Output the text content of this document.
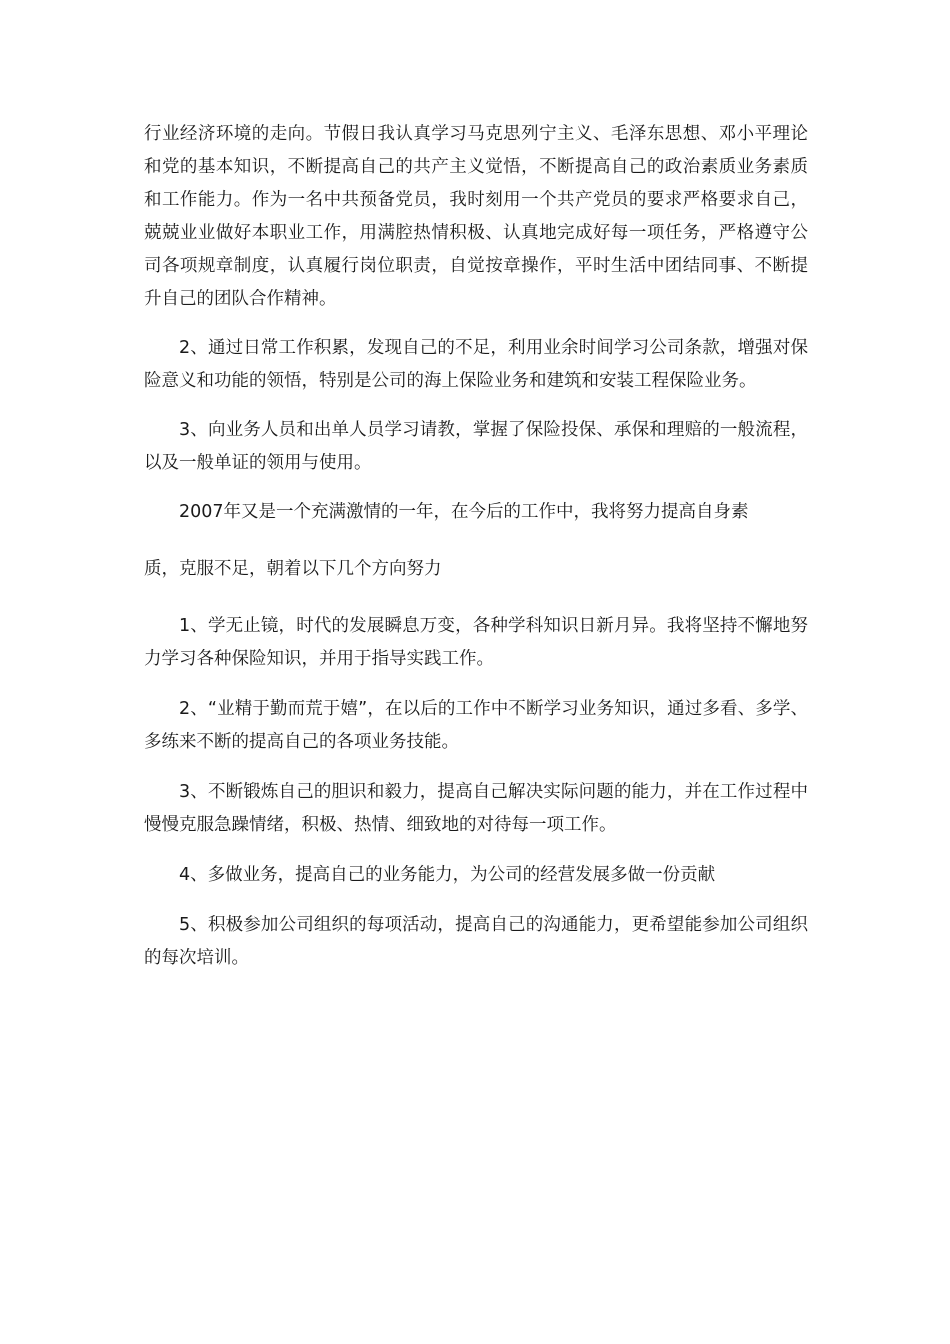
行业经济环境的走向。节假日我认真学习马克思列宁主义、毛泽东思想、邓小平理论和党的基本知识，不断提高自己的共产主义觉悟，不断提高自己的政治素质业务素质和工作能力。作为一名中共预备党员，我时刻用一个共产党员的要求严格要求自己，兢兢业业做好本职业工作，用满腔热情积极、认真地完成好每一项任务，严格遵守公司各项规章制度，认真履行岗位职责，自觉按章操作，平时生活中团结同事、不断提升自己的团队合作精神。

2、通过日常工作积累，发现自己的不足，利用业余时间学习公司条款，增强对保险意义和功能的领悟，特别是公司的海上保险业务和建筑和安装工程保险业务。

3、向业务人员和出单人员学习请教，掌握了保险投保、承保和理赔的一般流程，以及一般单证的领用与使用。

2007年又是一个充满激情的一年，在今后的工作中，我将努力提高自身素

质，克服不足，朝着以下几个方向努力

1、学无止镜，时代的发展瞬息万变，各种学科知识日新月异。我将坚持不懈地努力学习各种保险知识，并用于指导实践工作。

2、“业精于勤而荒于嬉”，在以后的工作中不断学习业务知识，通过多看、多学、多练来不断的提高自己的各项业务技能。

3、不断锻炼自己的胆识和毅力，提高自己解决实际问题的能力，并在工作过程中慢慢克服急躁情绪，积极、热情、细致地的对待每一项工作。

4、多做业务，提高自己的业务能力，为公司的经营发展多做一份贡献

5、积极参加公司组织的每项活动，提高自己的沟通能力，更希望能参加公司组织的每次培训。
